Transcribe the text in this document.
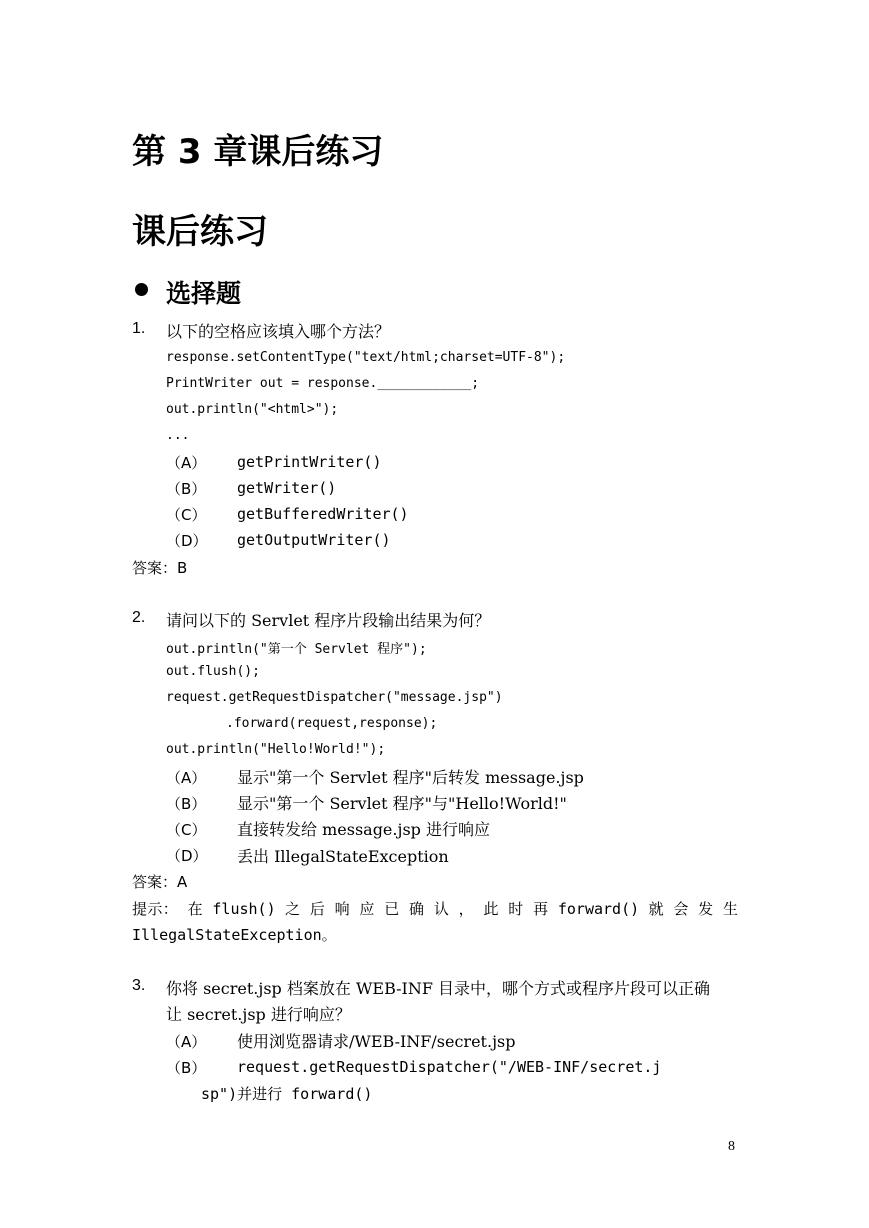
第 3 章课后练习
课后练习
选择题
1. 以下的空格应该填入哪个方法？
response.setContentType("text/html;charset=UTF-8");
PrintWriter out = response.____________;
out.println("<html>");
...
（A） getPrintWriter()
（B） getWriter()
（C） getBufferedWriter()
（D） getOutputWriter()
答案：B
2. 请问以下的 Servlet 程序片段输出结果为何？
out.println("第一个 Servlet 程序");
out.flush();
request.getRequestDispatcher("message.jsp")
.forward(request,response);
out.println("Hello!World!");
（A） 显示"第一个 Servlet 程序"后转发 message.jsp
（B） 显示"第一个 Servlet 程序"与"Hello!World!"
（C） 直接转发给 message.jsp 进行响应
（D） 丢出 IllegalStateException
答案：A
提示： 在 flush() 之 后 响 应 已 确 认 ， 此 时 再 forward() 就 会 发 生
IllegalStateException。
3. 你将 secret.jsp 档案放在 WEB-INF 目录中，哪个方式或程序片段可以正确
让 secret.jsp 进行响应？
（A） 使用浏览器请求/WEB-INF/secret.jsp
（B） request.getRequestDispatcher("/WEB-INF/secret.j
sp")并进行 forward()
8
